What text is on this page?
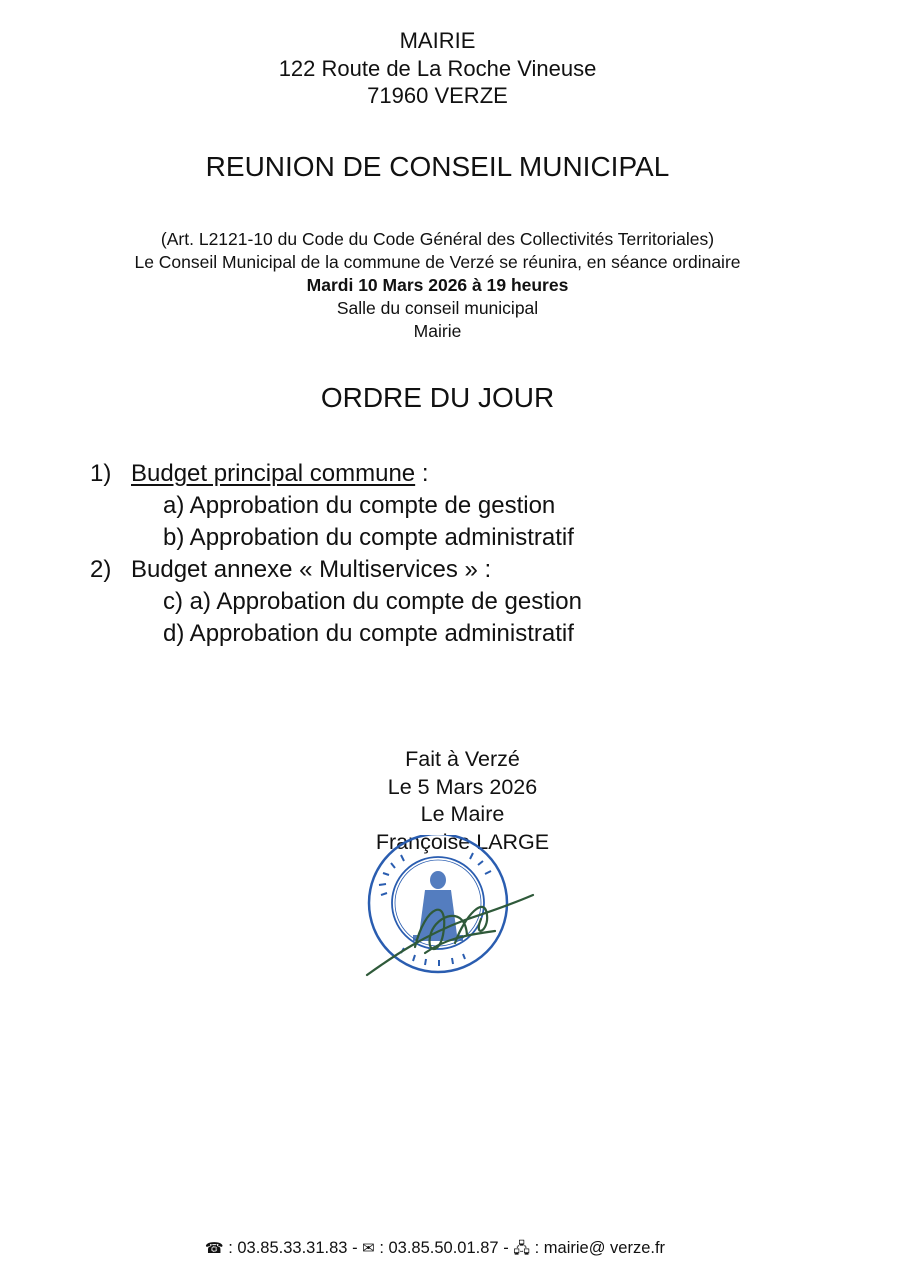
MAIRIE
122 Route de La Roche Vineuse
71960 VERZE
REUNION DE CONSEIL MUNICIPAL
(Art. L2121-10 du Code du Code Général des Collectivités Territoriales)
Le Conseil Municipal de la commune de Verzé se réunira, en séance ordinaire
Mardi 10 Mars 2026 à 19 heures
Salle du conseil municipal
Mairie
ORDRE DU JOUR
1) Budget principal commune :
a) Approbation du compte de gestion
b) Approbation du compte administratif
2) Budget annexe « Multiservices » :
c) a) Approbation du compte de gestion
d) Approbation du compte administratif
Fait à Verzé
Le 5 Mars 2026
Le Maire
Françoise LARGE
☎ : 03.85.33.31.83 - ✉ : 03.85.50.01.87 - 🖧 : mairie@ verze.fr
